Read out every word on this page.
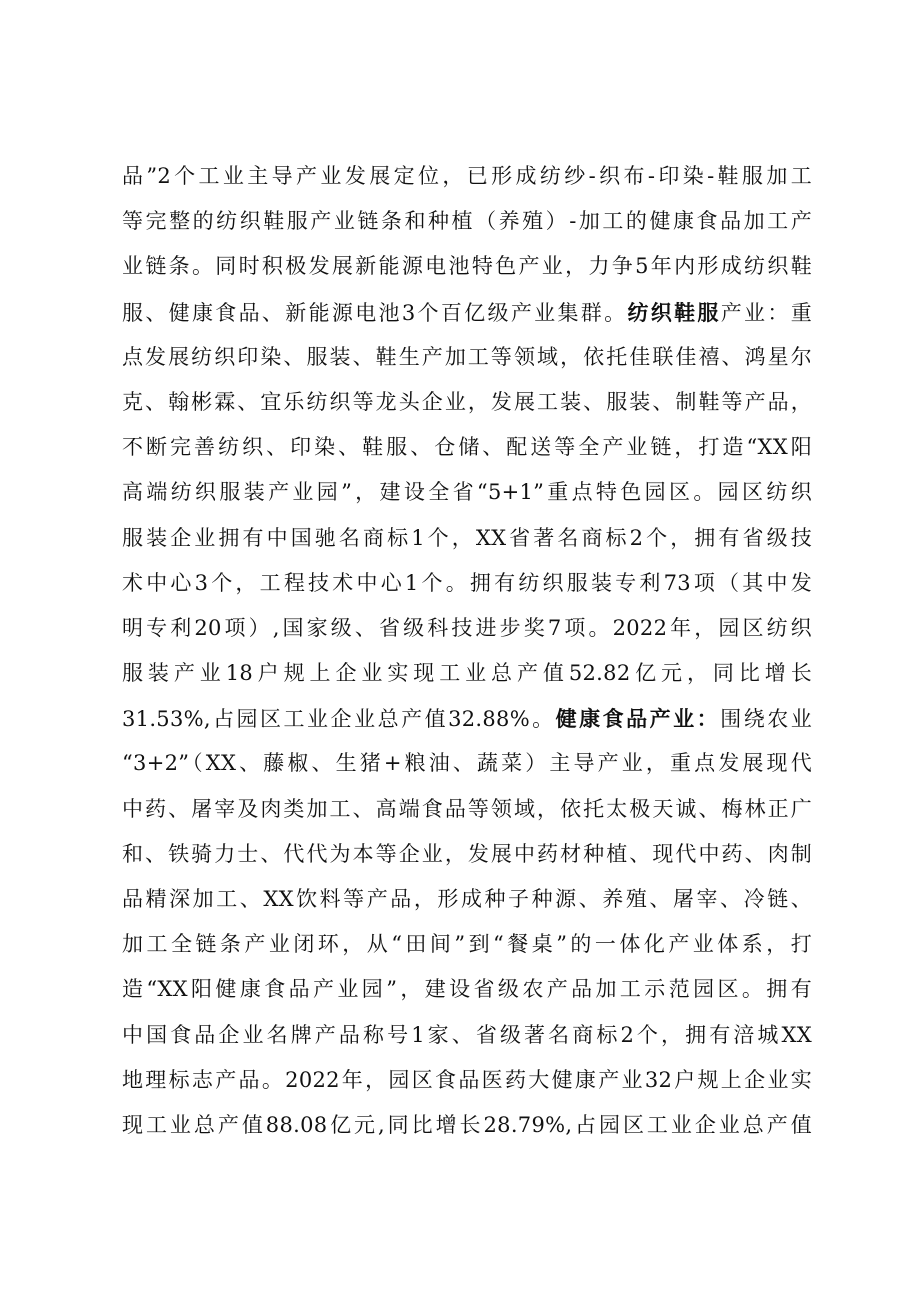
品”2个工业主导产业发展定位，已形成纺纱-织布-印染-鞋服加工
等完整的纺织鞋服产业链条和种植（养殖）-加工的健康食品加工产
业链条。同时积极发展新能源电池特色产业，力争5年内形成纺织鞋
服、健康食品、新能源电池3个百亿级产业集群。纺织鞋服产业：重
点发展纺织印染、服装、鞋生产加工等领域，依托佳联佳禧、鸿星尔
克、翰彬霖、宜乐纺织等龙头企业，发展工装、服装、制鞋等产品，
不断完善纺织、印染、鞋服、仓储、配送等全产业链，打造“XX阳
高端纺织服装产业园”，建设全省“5+1”重点特色园区。园区纺织
服装企业拥有中国驰名商标1个，XX省著名商标2个，拥有省级技
术中心3个，工程技术中心1个。拥有纺织服装专利73项（其中发
明专利20项）,国家级、省级科技进步奖7项。2022年，园区纺织
服装产业18户规上企业实现工业总产值52.82亿元，同比增长
31.53%,占园区工业企业总产值32.88%。健康食品产业：围绕农业
“3+2”（XX、藤椒、生猪+粮油、蔬菜）主导产业，重点发展现代
中药、屠宰及肉类加工、高端食品等领域，依托太极天诚、梅林正广
和、铁骑力士、代代为本等企业，发展中药材种植、现代中药、肉制
品精深加工、XX饮料等产品，形成种子种源、养殖、屠宰、冷链、
加工全链条产业闭环，从“田间”到“餐桌”的一体化产业体系，打
造“XX阳健康食品产业园”，建设省级农产品加工示范园区。拥有
中国食品企业名牌产品称号1家、省级著名商标2个，拥有涪城XX
地理标志产品。2022年，园区食品医药大健康产业32户规上企业实
现工业总产值88.08亿元,同比增长28.79%,占园区工业企业总产值
